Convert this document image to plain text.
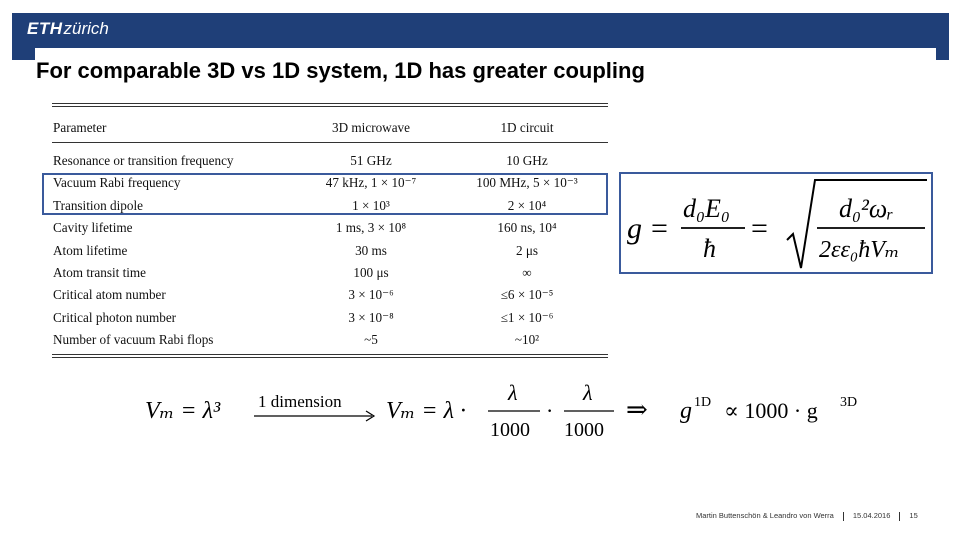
ETHzürich
For comparable 3D vs 1D system, 1D has greater coupling
Parameter	3D microwave	1D circuit
Resonance or transition frequency	51 GHz	10 GHz
Vacuum Rabi frequency	47 kHz, 1 × 10⁻⁷	100 MHz, 5 × 10⁻³
Transition dipole	1 × 10³	2 × 10⁴
Cavity lifetime	1 ms, 3 × 10⁸	160 ns, 10⁴
Atom lifetime	30 ms	2 μs
Atom transit time	100 μs	∞
Critical atom number	3 × 10⁻⁶	≤6 × 10⁻⁵
Critical photon number	3 × 10⁻⁸	≤1 × 10⁻⁶
Number of vacuum Rabi flops	~5	~10²
g =
d₀E₀
ħ
=
d₀²ωᵣ
2εε₀ħVₘ
Vₘ = λ³ 1 dimension Vₘ = λ ·
λ
1000
·
λ
1000
⇒ g 1D ∝ 1000 · g 3D
Martin Buttenschön & Leandro von Werra	15.04.2016	15
